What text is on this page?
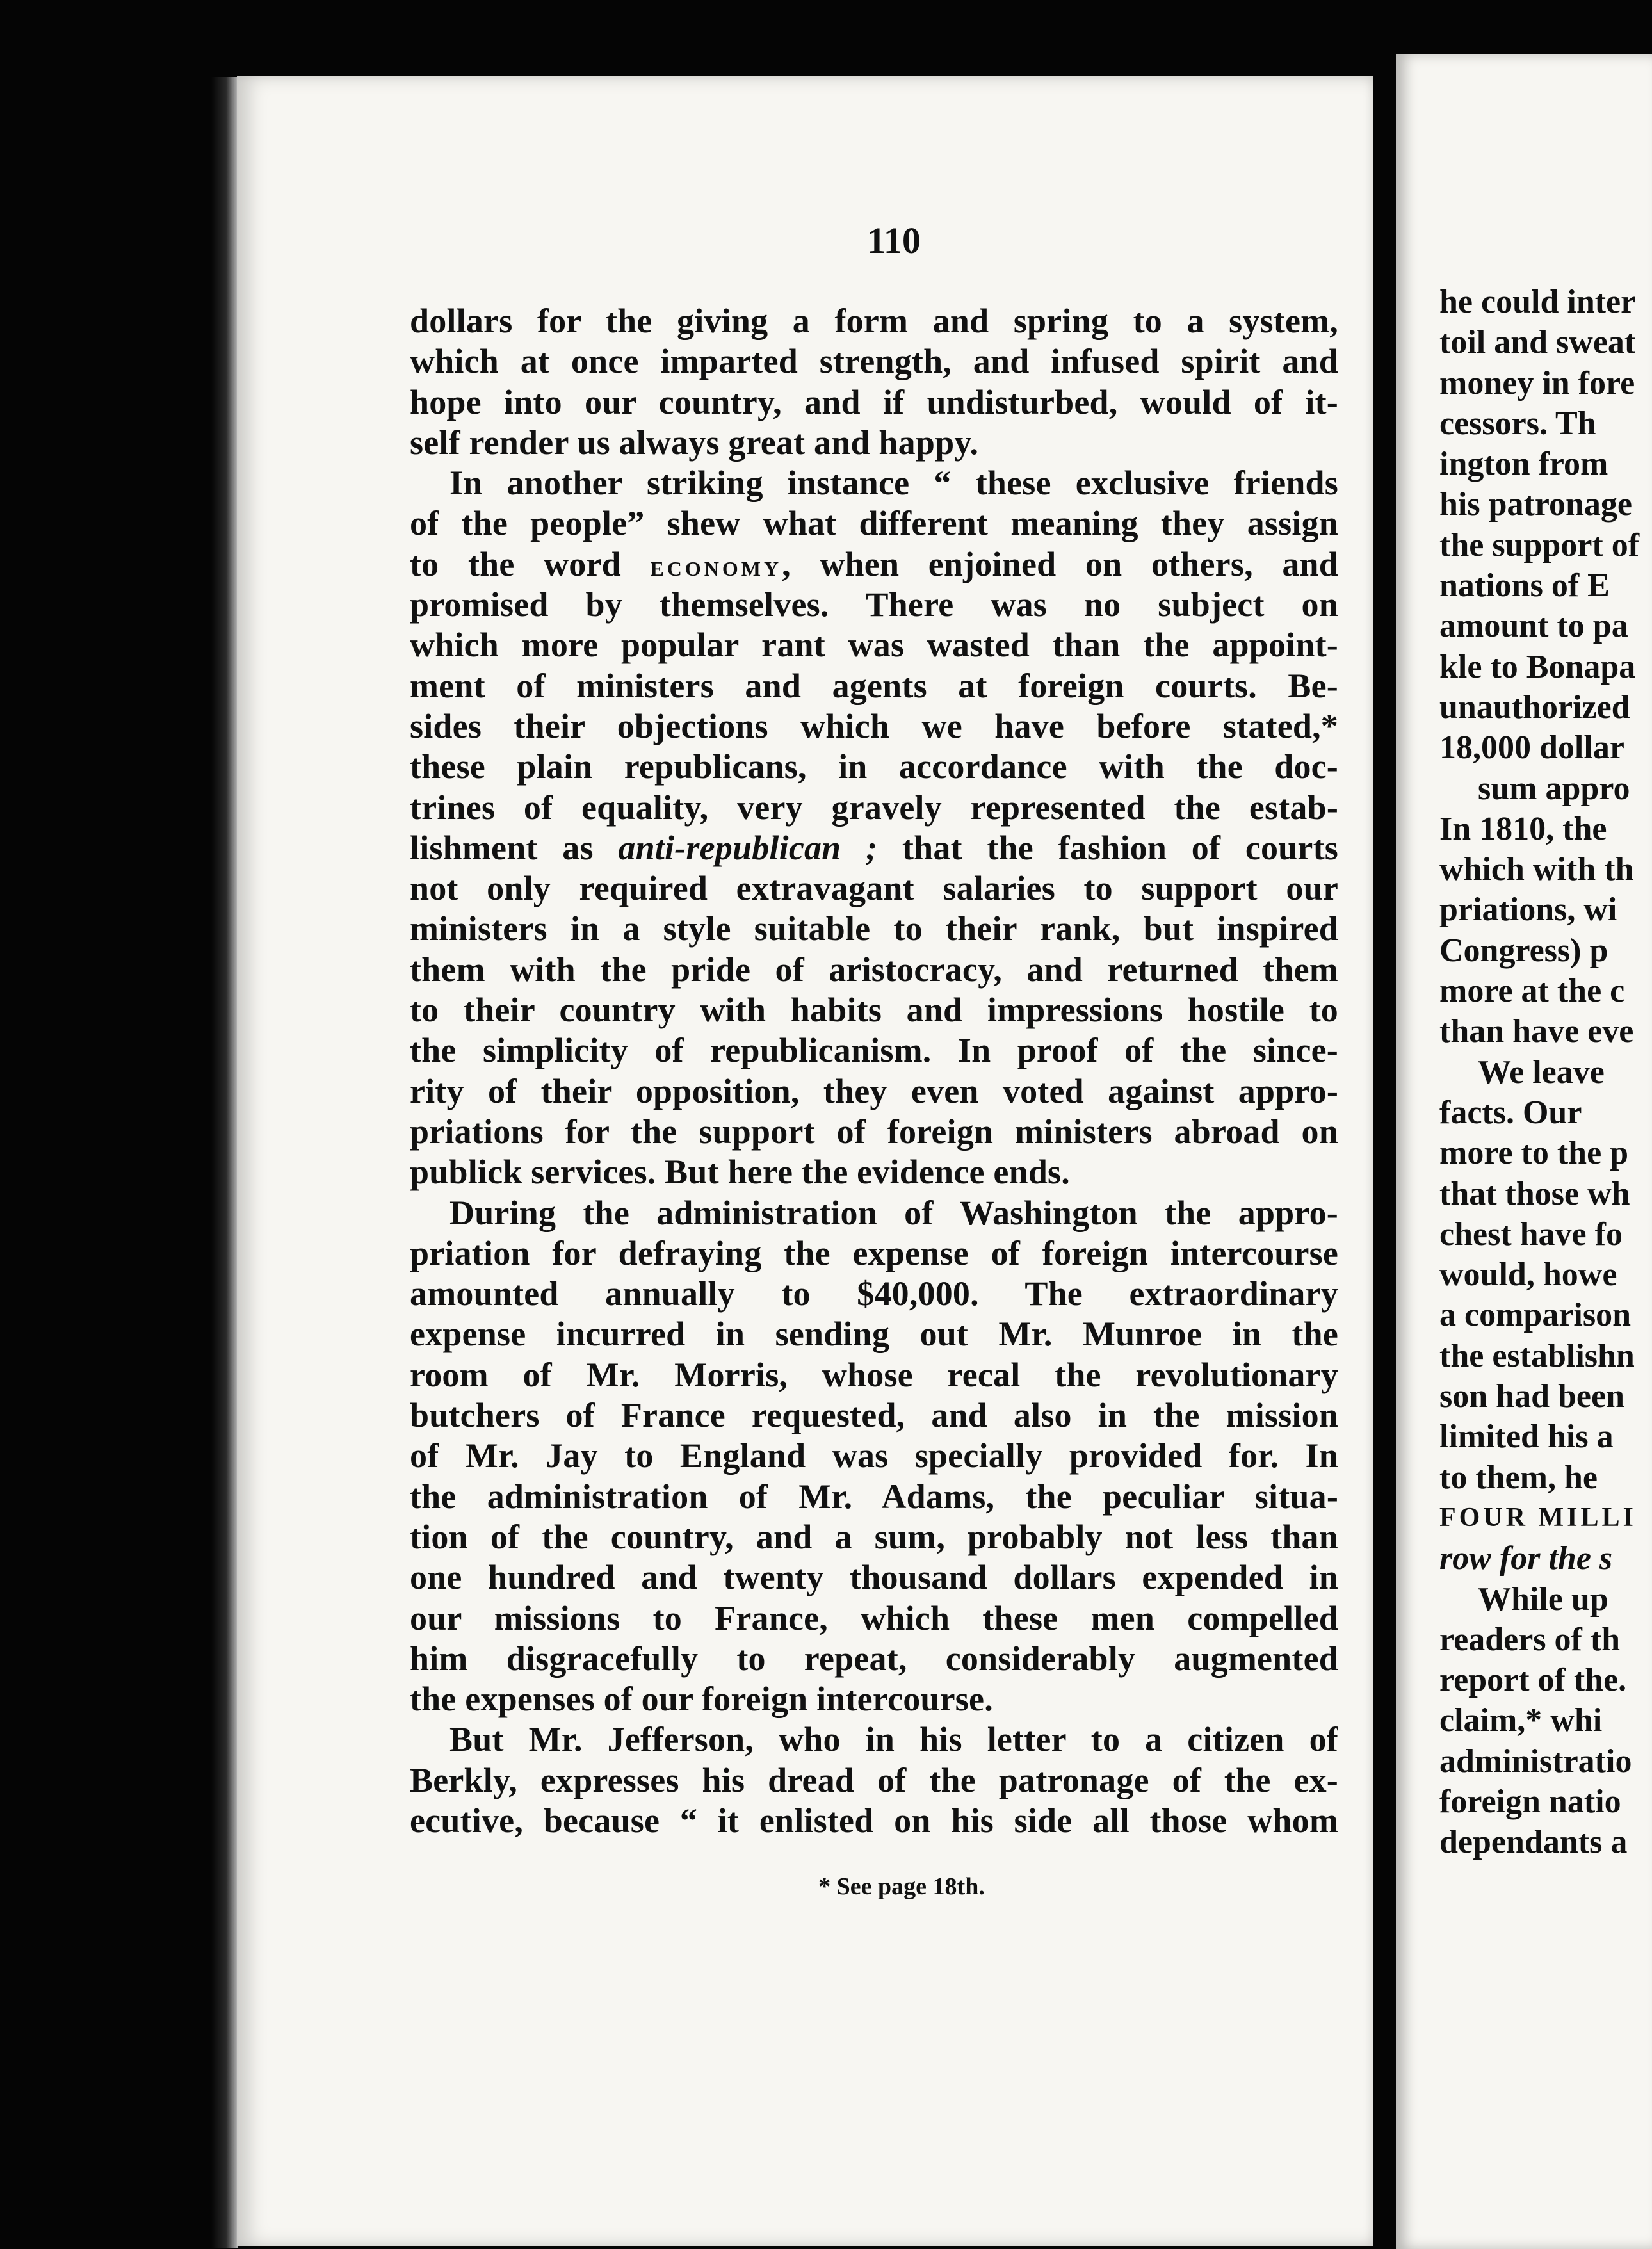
110
dollars for the giving a form and spring to a system,
which at once imparted strength, and infused spirit and
hope into our country, and if undisturbed, would of it-
self render us always great and happy.
In another striking instance “ these exclusive friends
of the people” shew what different meaning they assign
to the word economy, when enjoined on others, and
promised by themselves. There was no subject on
which more popular rant was wasted than the appoint-
ment of ministers and agents at foreign courts. Be-
sides their objections which we have before stated,*
these plain republicans, in accordance with the doc-
trines of equality, very gravely represented the estab-
lishment as anti-republican ; that the fashion of courts
not only required extravagant salaries to support our
ministers in a style suitable to their rank, but inspired
them with the pride of aristocracy, and returned them
to their country with habits and impressions hostile to
the simplicity of republicanism. In proof of the since-
rity of their opposition, they even voted against appro-
priations for the support of foreign ministers abroad on
publick services. But here the evidence ends.
During the administration of Washington the appro-
priation for defraying the expense of foreign intercourse
amounted annually to $40,000. The extraordinary
expense incurred in sending out Mr. Munroe in the
room of Mr. Morris, whose recal the revolutionary
butchers of France requested, and also in the mission
of Mr. Jay to England was specially provided for. In
the administration of Mr. Adams, the peculiar situa-
tion of the country, and a sum, probably not less than
one hundred and twenty thousand dollars expended in
our missions to France, which these men compelled
him disgracefully to repeat, considerably augmented
the expenses of our foreign intercourse.
But Mr. Jefferson, who in his letter to a citizen of
Berkly, expresses his dread of the patronage of the ex-
ecutive, because “ it enlisted on his side all those whom
* See page 18th.
he could inter
toil and sweat
money in fore
cessors. Th
ington from
his patronage
the support of
nations of E
amount to pa
kle to Bonapa
unauthorized
18,000 dollar
sum appro
In 1810, the
which with th
priations, wi
Congress) p
more at the c
than have eve
We leave
facts. Our
more to the p
that those wh
chest have fo
would, howe
a comparison
the establishn
son had been
limited his a
to them, he
FOUR MILLI
row for the s
While up
readers of th
report of the.
claim,* whi
administratio
foreign natio
dependants a
